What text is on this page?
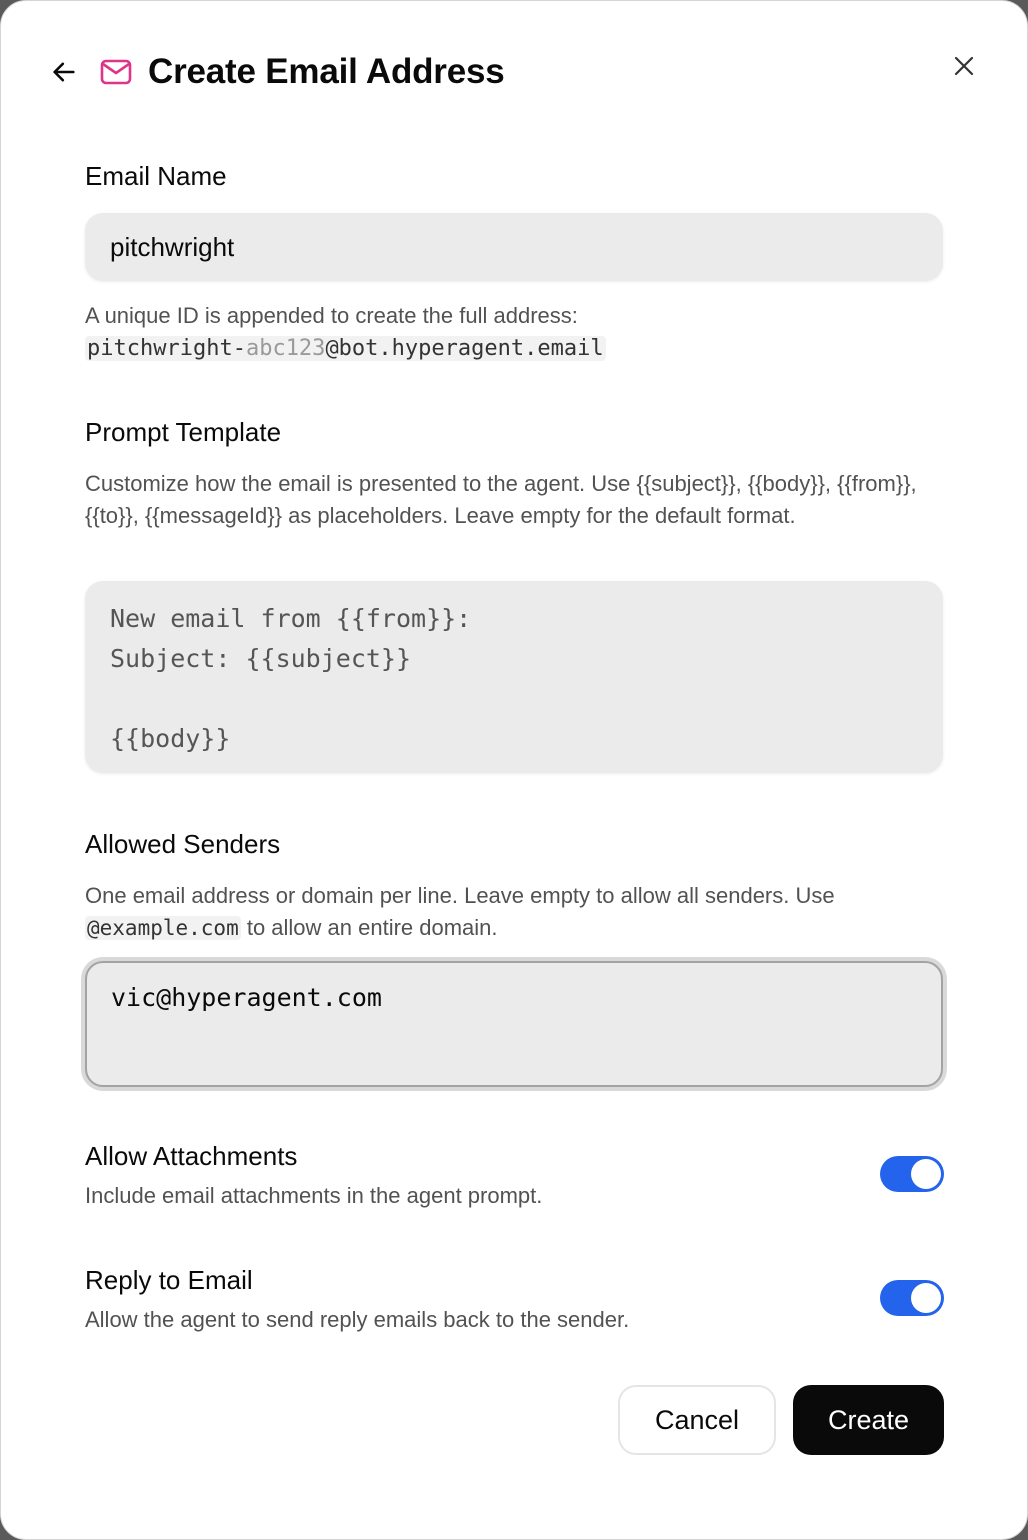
Create Email Address
Email Name
pitchwright
A unique ID is appended to create the full address:
pitchwright-abc123@bot.hyperagent.email
Prompt Template
Customize how the email is presented to the agent. Use {{subject}}, {{body}}, {{from}}, {{to}}, {{messageId}} as placeholders. Leave empty for the default format.
New email from {{from}}:
Subject: {{subject}}

{{body}}
Allowed Senders
One email address or domain per line. Leave empty to allow all senders. Use @example.com to allow an entire domain.
vic@hyperagent.com
Allow Attachments
Include email attachments in the agent prompt.
Reply to Email
Allow the agent to send reply emails back to the sender.
Cancel	Create
